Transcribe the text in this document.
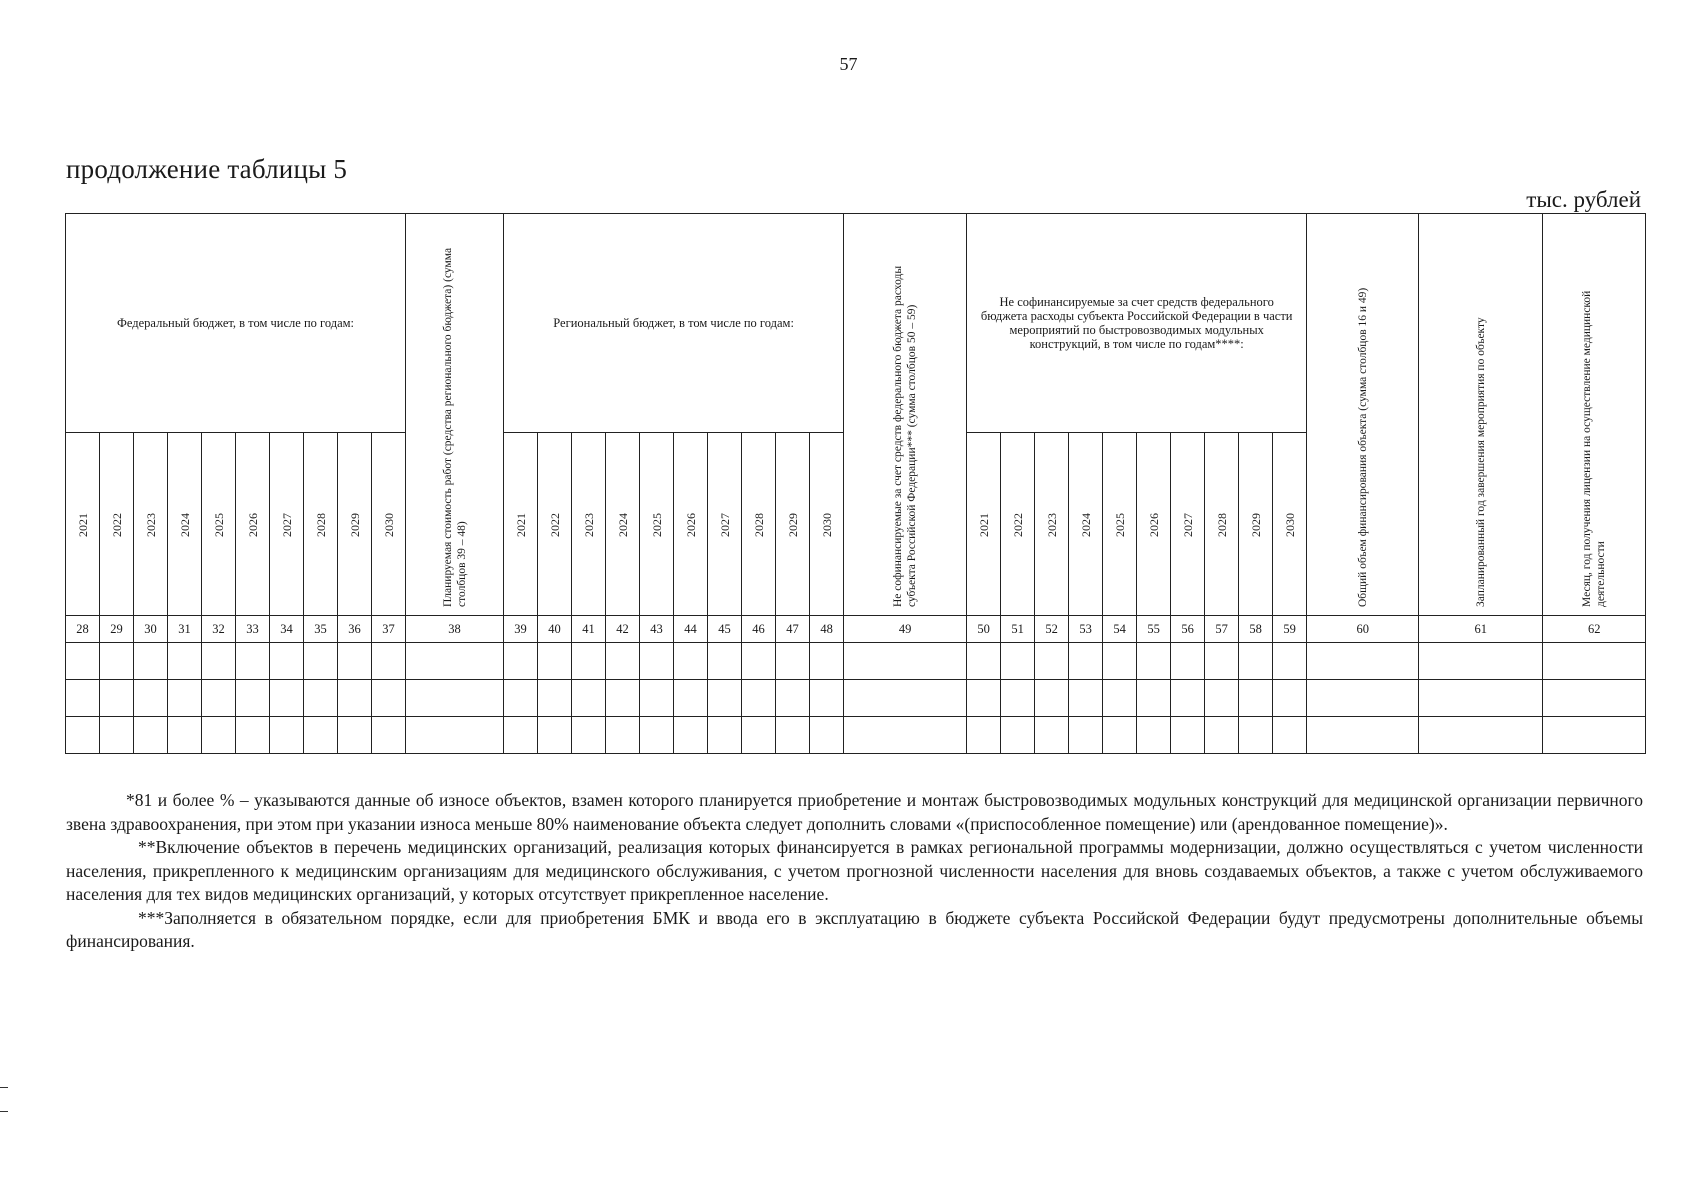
57
продолжение таблицы 5
тыс. рублей
Федеральный бюджет, в том числе по годам:										Планируемая стоимость работ (средства регионального бюджета) (сумма столбцов 39 – 48)	Региональный бюджет, в том числе по годам:										Не софинансируемые за счет средств федерального бюджета расходы субъекта Российской Федерации*** (сумма столбцов 50 – 59)	Не софинансируемые за счет средств федерального бюджета расходы субъекта Российской Федерации в части мероприятий по быстровозводимых модульных конструкций, в том числе по годам****:										Общий объем финансирования объекта (сумма столбцов 16 и 49)	Запланированный год завершения мероприятия по объекту	Месяц, год получения лицензии на осуществление медицинской деятельности
2021	2022	2023	2024	2025	2026	2027	2028	2029	2030		2021	2022	2023	2024	2025	2026	2027	2028	2029	2030		2021	2022	2023	2024	2025	2026	2027	2028	2029	2030			
28	29	30	31	32	33	34	35	36	37	38	39	40	41	42	43	44	45	46	47	48	49	50	51	52	53	54	55	56	57	58	59	60	61	62

*81 и более % – указываются данные об износе объектов, взамен которого планируется приобретение и монтаж быстровозводимых модульных конструкций для медицинской организации первичного звена здравоохранения, при этом при указании износа меньше 80% наименование объекта следует дополнить словами «(приспособленное помещение) или (арендованное помещение)».

**Включение объектов в перечень медицинских организаций, реализация которых финансируется в рамках региональной программы модернизации, должно осуществляться с учетом численности населения, прикрепленного к медицинским организациям для медицинского обслуживания, с учетом прогнозной численности населения для вновь создаваемых объектов, а также с учетом обслуживаемого населения для тех видов медицинских организаций, у которых отсутствует прикрепленное население.

***Заполняется в обязательном порядке, если для приобретения БМК и ввода его в эксплуатацию в бюджете субъекта Российской Федерации будут предусмотрены дополнительные объемы финансирования.
